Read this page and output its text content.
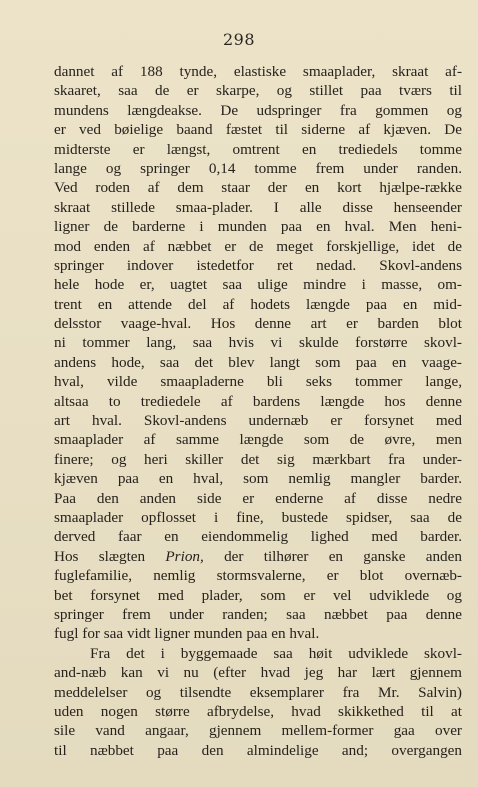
298
dannet af 188 tynde, elastiske smaaplader, skraat af-
skaaret, saa de er skarpe, og stillet paa tværs til
mundens længdeakse. De udspringer fra gommen og
er ved bøielige baand fæstet til siderne af kjæven. De
midterste er længst, omtrent en trediedels tomme
lange og springer 0,14 tomme frem under randen.
Ved roden af dem staar der en kort hjælpe-række
skraat stillede smaa-plader. I alle disse henseender
ligner de barderne i munden paa en hval. Men heni-
mod enden af næbbet er de meget forskjellige, idet de
springer indover istedetfor ret nedad. Skovl-andens
hele hode er, uagtet saa ulige mindre i masse, om-
trent en attende del af hodets længde paa en mid-
delsstor vaage-hval. Hos denne art er barden blot
ni tommer lang, saa hvis vi skulde forstørre skovl-
andens hode, saa det blev langt som paa en vaage-
hval, vilde smaapladerne bli seks tommer lange,
altsaa to trediedele af bardens længde hos denne
art hval. Skovl-andens undernæb er forsynet med
smaaplader af samme længde som de øvre, men
finere; og heri skiller det sig mærkbart fra under-
kjæven paa en hval, som nemlig mangler barder.
Paa den anden side er enderne af disse nedre
smaaplader opflosset i fine, bustede spidser, saa de
derved faar en eiendommelig lighed med barder.
Hos slægten Prion, der tilhører en ganske anden
fuglefamilie, nemlig stormsvalerne, er blot overnæb-
bet forsynet med plader, som er vel udviklede og
springer frem under randen; saa næbbet paa denne
fugl for saa vidt ligner munden paa en hval.
Fra det i byggemaade saa høit udviklede skovl-
and-næb kan vi nu (efter hvad jeg har lært gjennem
meddelelser og tilsendte eksemplarer fra Mr. Salvin)
uden nogen større afbrydelse, hvad skikkethed til at
sile vand angaar, gjennem mellem-former gaa over
til næbbet paa den almindelige and; overgangen
